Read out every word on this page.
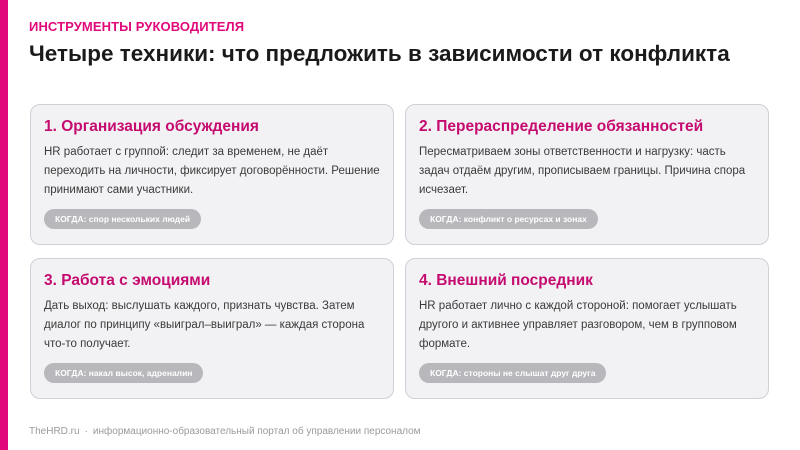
ИНСТРУМЕНТЫ РУКОВОДИТЕЛЯ
Четыре техники: что предложить в зависимости от конфликта
1. Организация обсуждения

HR работает с группой: следит за временем, не даёт переходить на личности, фиксирует договорённости. Решение принимают сами участники.

КОГДА: спор нескольких людей
2. Перераспределение обязанностей

Пересматриваем зоны ответственности и нагрузку: часть задач отдаём другим, прописываем границы. Причина спора исчезает.

КОГДА: конфликт о ресурсах и зонах
3. Работа с эмоциями

Дать выход: выслушать каждого, признать чувства. Затем диалог по принципу «выиграл–выиграл» — каждая сторона что-то получает.

КОГДА: накал высок, адреналин
4. Внешний посредник

HR работает лично с каждой стороной: помогает услышать другого и активнее управляет разговором, чем в групповом формате.

КОГДА: стороны не слышат друг друга
TheHRD.ru · информационно-образовательный портал об управлении персоналом
